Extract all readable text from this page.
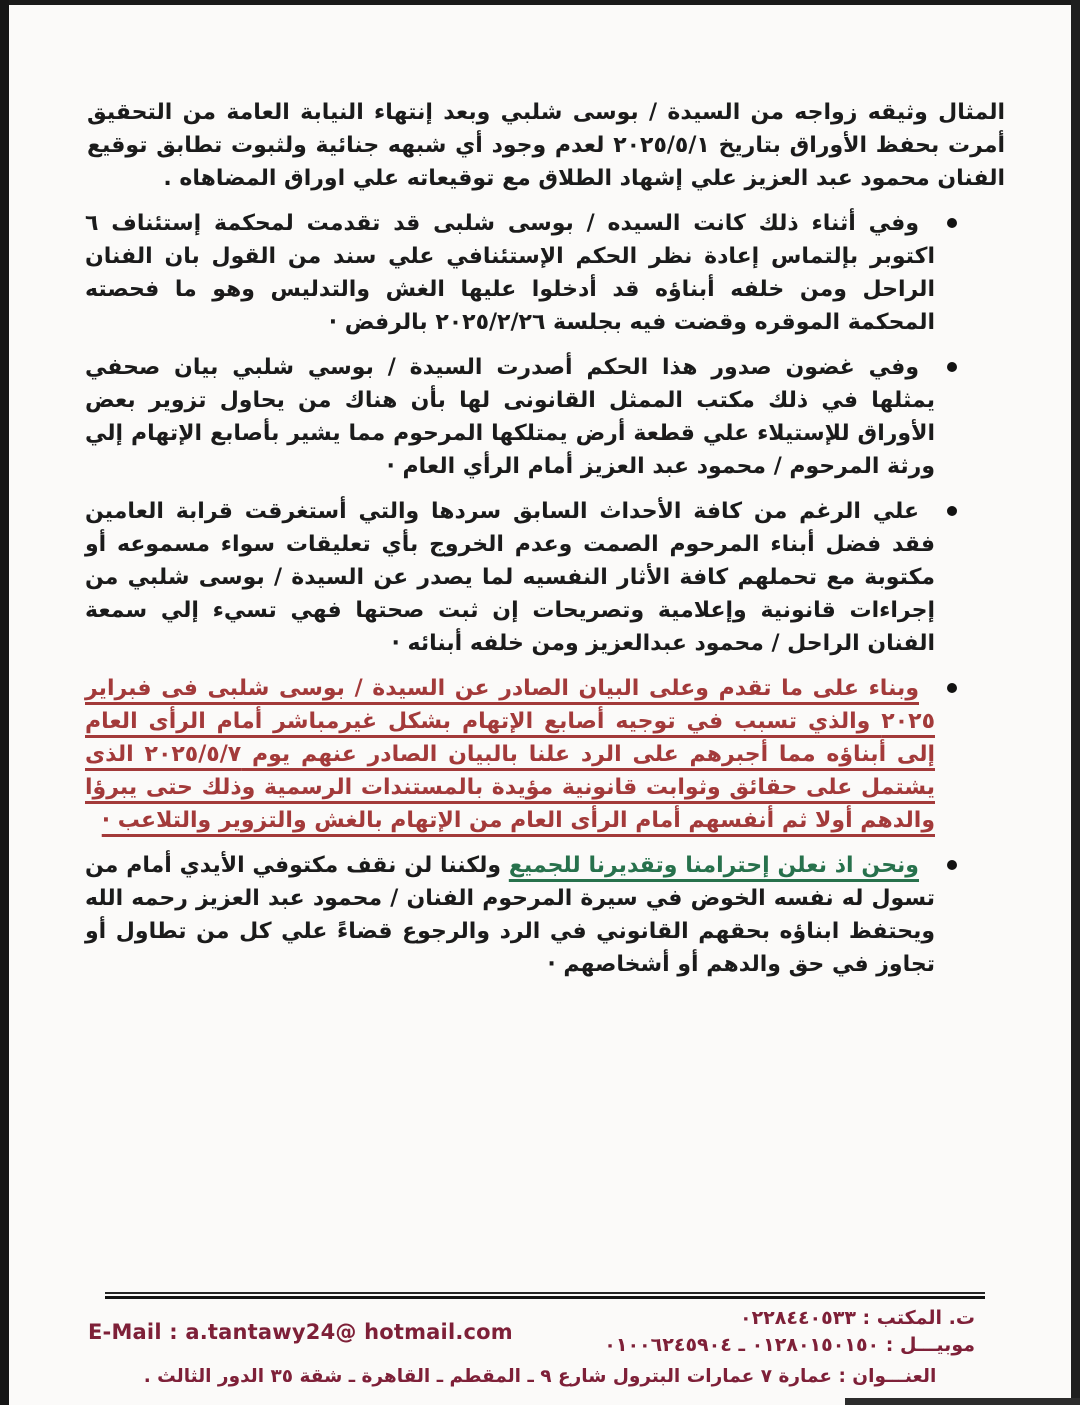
المثال وثيقه زواجه من السيدة / بوسى شلبي وبعد إنتهاء النيابة العامة من التحقيق أمرت بحفظ الأوراق بتاريخ ٢٠٢٥/٥/١ لعدم وجود أي شبهه جنائية ولثبوت تطابق توقيع الفنان محمود عبد العزيز علي إشهاد الطلاق مع توقيعاته علي اوراق المضاهاه .

وفي أثناء ذلك كانت السيده / بوسى شلبى قد تقدمت لمحكمة إستئناف ٦ اكتوبر بإلتماس إعادة نظر الحكم الإستئنافي علي سند من القول بان الفنان الراحل ومن خلفه أبناؤه قد أدخلوا عليها الغش والتدليس وهو ما فحصته المحكمة الموقره وقضت فيه بجلسة ٢٠٢٥/٢/٢٦ بالرفض ·
وفي غضون صدور هذا الحكم أصدرت السيدة / بوسي شلبي بيان صحفي يمثلها في ذلك مكتب الممثل القانونى لها بأن هناك من يحاول تزوير بعض الأوراق للإستيلاء علي قطعة أرض يمتلكها المرحوم مما يشير بأصابع الإتهام إلي ورثة المرحوم / محمود عبد العزيز أمام الرأي العام ·
علي الرغم من كافة الأحداث السابق سردها والتي أستغرقت قرابة العامين فقد فضل أبناء المرحوم الصمت وعدم الخروج بأي تعليقات سواء مسموعه أو مكتوبة مع تحملهم كافة الأثار النفسيه لما يصدر عن السيدة / بوسى شلبي من إجراءات قانونية وإعلامية وتصريحات إن ثبت صحتها فهي تسيء إلي سمعة الفنان الراحل / محمود عبدالعزيز ومن خلفه أبنائه ·
وبناء على ما تقدم وعلى البيان الصادر عن السيدة / بوسى شلبى فى فبراير ٢٠٢٥ والذي تسبب في توجيه أصابع الإتهام بشكل غيرمباشر أمام الرأى العام إلى أبناؤه مما أجبرهم على الرد علنا بالبيان الصادر عنهم يوم ٢٠٢٥/٥/٧ الذى يشتمل على حقائق وثوابت قانونية مؤيدة بالمستندات الرسمية وذلك حتى يبرؤا والدهم أولا ثم أنفسهم أمام الرأى العام من الإتهام بالغش والتزوير والتلاعب ·
ونحن اذ نعلن إحترامنا وتقديرنا للجميع ولكننا لن نقف مكتوفي الأيدي أمام من تسول له نفسه الخوض في سيرة المرحوم الفنان / محمود عبد العزيز رحمه الله ويحتفظ ابناؤه بحقهم القانوني في الرد والرجوع قضاءً علي كل من تطاول أو تجاوز في حق والدهم أو أشخاصهم ·
E-Mail : a.tantawy24@ hotmail.com
ت. المكتب : ٠٢٢٨٤٤٠٥٣٣
موبيـــل : ٠١٢٨٠١٥٠١٥٠ ـ ٠١٠٠٦٢٤٥٩٠٤
العنـــوان : عمارة ٧ عمارات البترول شارع ٩ ـ المقطم ـ القاهرة ـ شقة ٣٥ الدور الثالث .
